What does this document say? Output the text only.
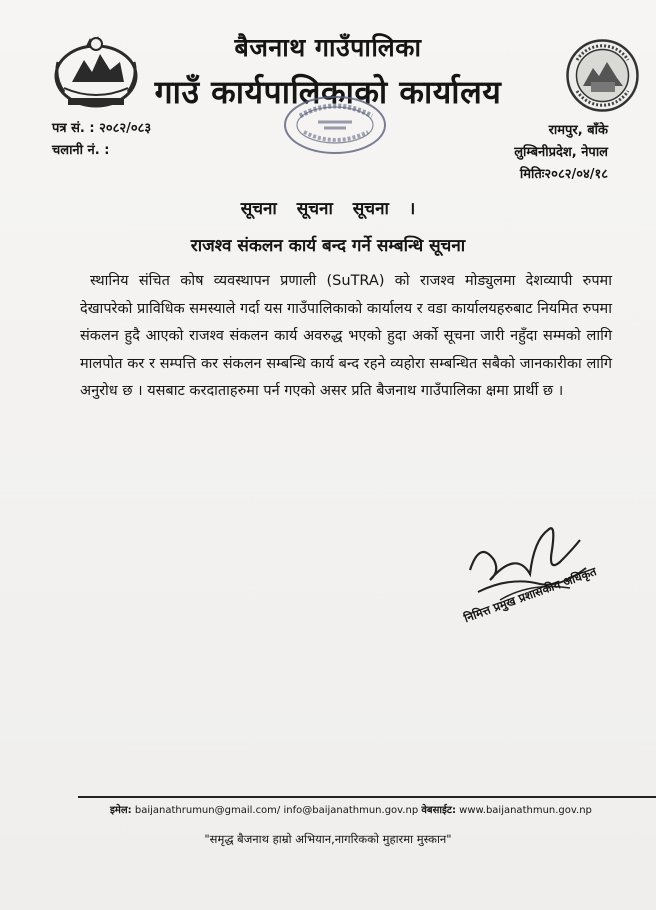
बैजनाथ गाउँपालिका
गाउँ कार्यपालिकाको कार्यालय
पत्र सं. : २०८२/०८३
चलानी नं. :
रामपुर, बाँके
लुम्बिनीप्रदेश, नेपाल
मितिः२०८२/०४/१८
सूचना सूचना सूचना ।
राजश्व संकलन कार्य बन्द गर्ने सम्बन्धि सूचना
स्थानिय संचित कोष व्यवस्थापन प्रणाली (SuTRA) को राजश्व मोड्युलमा देशव्यापी रुपमा देखापरेको प्राविधिक समस्याले गर्दा यस गाउँपालिकाको कार्यालय र वडा कार्यालयहरुबाट नियमित रुपमा संकलन हुदै आएको राजश्व संकलन कार्य अवरुद्ध भएको हुदा अर्को सूचना जारी नहुँदा सम्मको लागि मालपोत कर र सम्पत्ति कर संकलन सम्बन्धि कार्य बन्द रहने व्यहोरा सम्बन्धित सबैको जानकारीका लागि अनुरोध छ । यसबाट करदाताहरुमा पर्न गएको असर प्रति बैजनाथ गाउँपालिका क्षमा प्रार्थी छ ।
निमित्त प्रमुख प्रशासकीय अधिकृत
इमेल: baijanathrumun@gmail.com/ info@baijanathmun.gov.np वेबसाईट: www.baijanathmun.gov.np
"समृद्ध बैजनाथ हाम्रो अभियान,नागरिकको मुहारमा मुस्कान"
